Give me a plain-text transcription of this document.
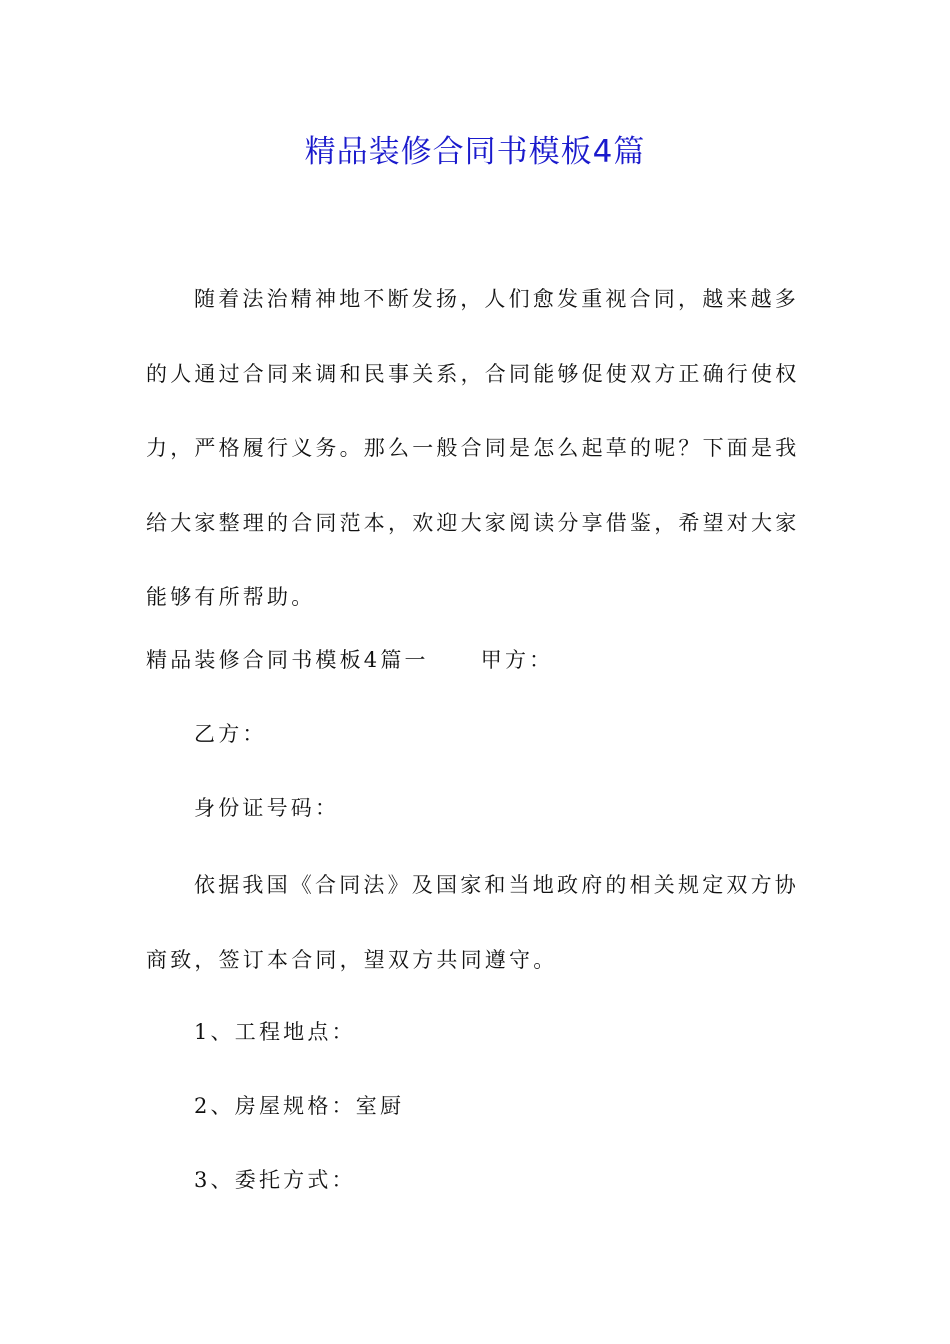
精品装修合同书模板4篇
随着法治精神地不断发扬，人们愈发重视合同，越来越多的人通过合同来调和民事关系，合同能够促使双方正确行使权力，严格履行义务。那么一般合同是怎么起草的呢？下面是我给大家整理的合同范本，欢迎大家阅读分享借鉴，希望对大家能够有所帮助。
精品装修合同书模板4篇一 甲方：
乙方：
身份证号码：
依据我国《合同法》及国家和当地政府的相关规定双方协商致，签订本合同，望双方共同遵守。
1、工程地点：
2、房屋规格：室厨
3、委托方式：
